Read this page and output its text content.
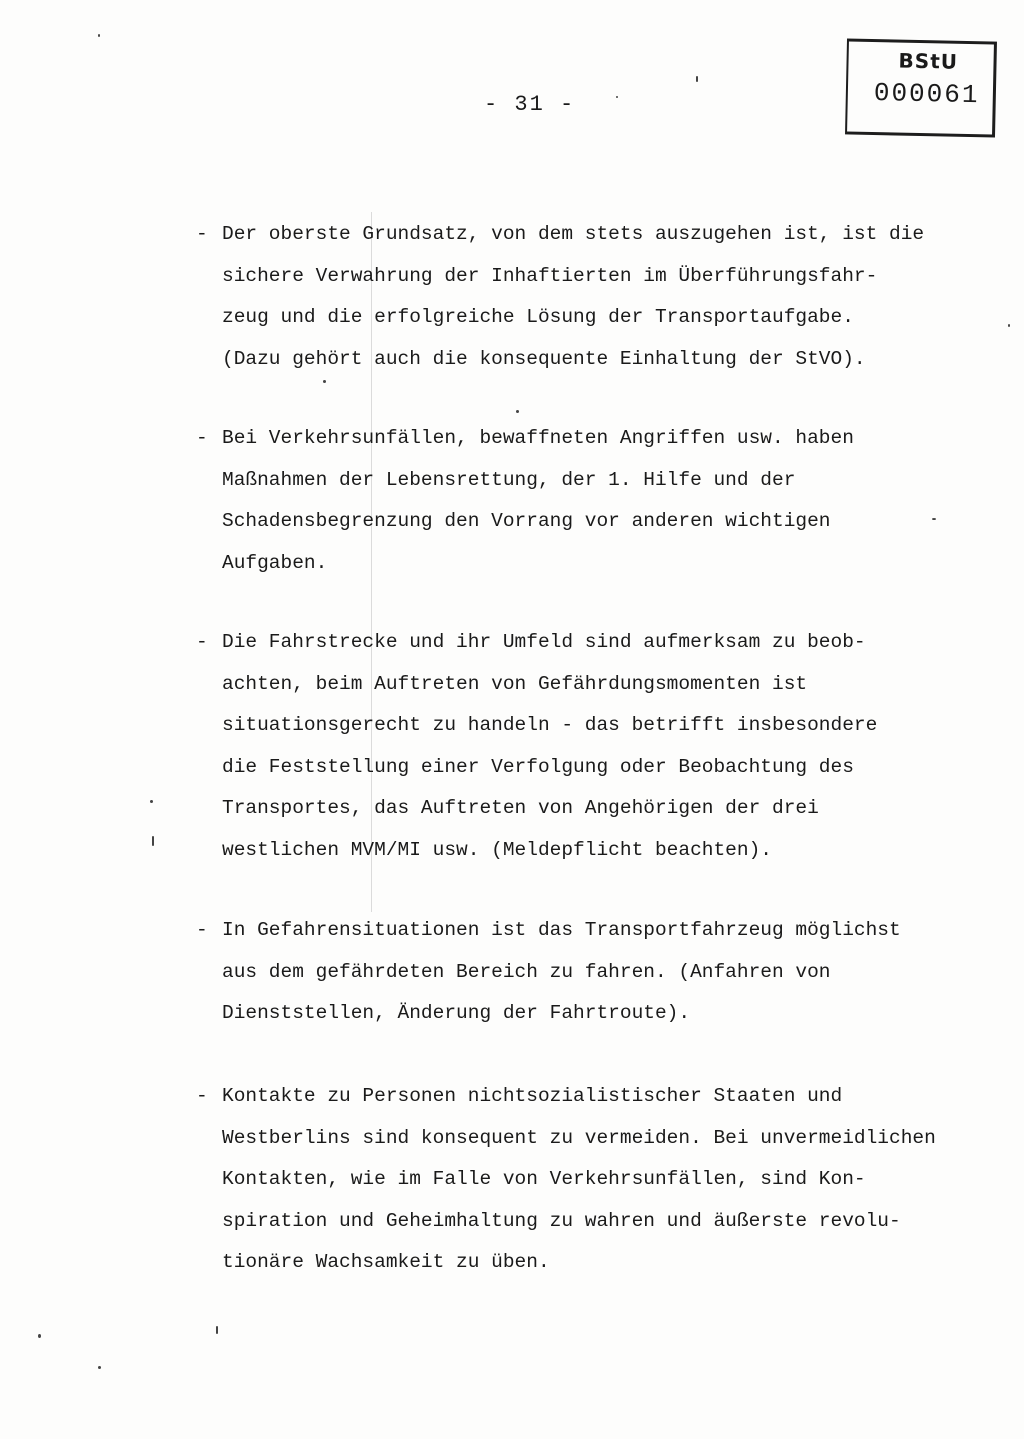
- 31 -
BStU
000061
- Der oberste Grundsatz, von dem stets auszugehen ist, ist die
sichere Verwahrung der Inhaftierten im Überführungsfahr-
zeug und die erfolgreiche Lösung der Transportaufgabe.
(Dazu gehört auch die konsequente Einhaltung der StVO).
- Bei Verkehrsunfällen, bewaffneten Angriffen usw. haben
Maßnahmen der Lebensrettung, der 1. Hilfe und der
Schadensbegrenzung den Vorrang vor anderen wichtigen
Aufgaben.
- Die Fahrstrecke und ihr Umfeld sind aufmerksam zu beob-
achten, beim Auftreten von Gefährdungsmomenten ist
situationsgerecht zu handeln - das betrifft insbesondere
die Feststellung einer Verfolgung oder Beobachtung des
Transportes, das Auftreten von Angehörigen der drei
westlichen MVM/MI usw. (Meldepflicht beachten).
- In Gefahrensituationen ist das Transportfahrzeug möglichst
aus dem gefährdeten Bereich zu fahren. (Anfahren von
Dienststellen, Änderung der Fahrtroute).
- Kontakte zu Personen nichtsozialistischer Staaten und
Westberlins sind konsequent zu vermeiden. Bei unvermeidlichen
Kontakten, wie im Falle von Verkehrsunfällen, sind Kon-
spiration und Geheimhaltung zu wahren und äußerste revolu-
tionäre Wachsamkeit zu üben.
